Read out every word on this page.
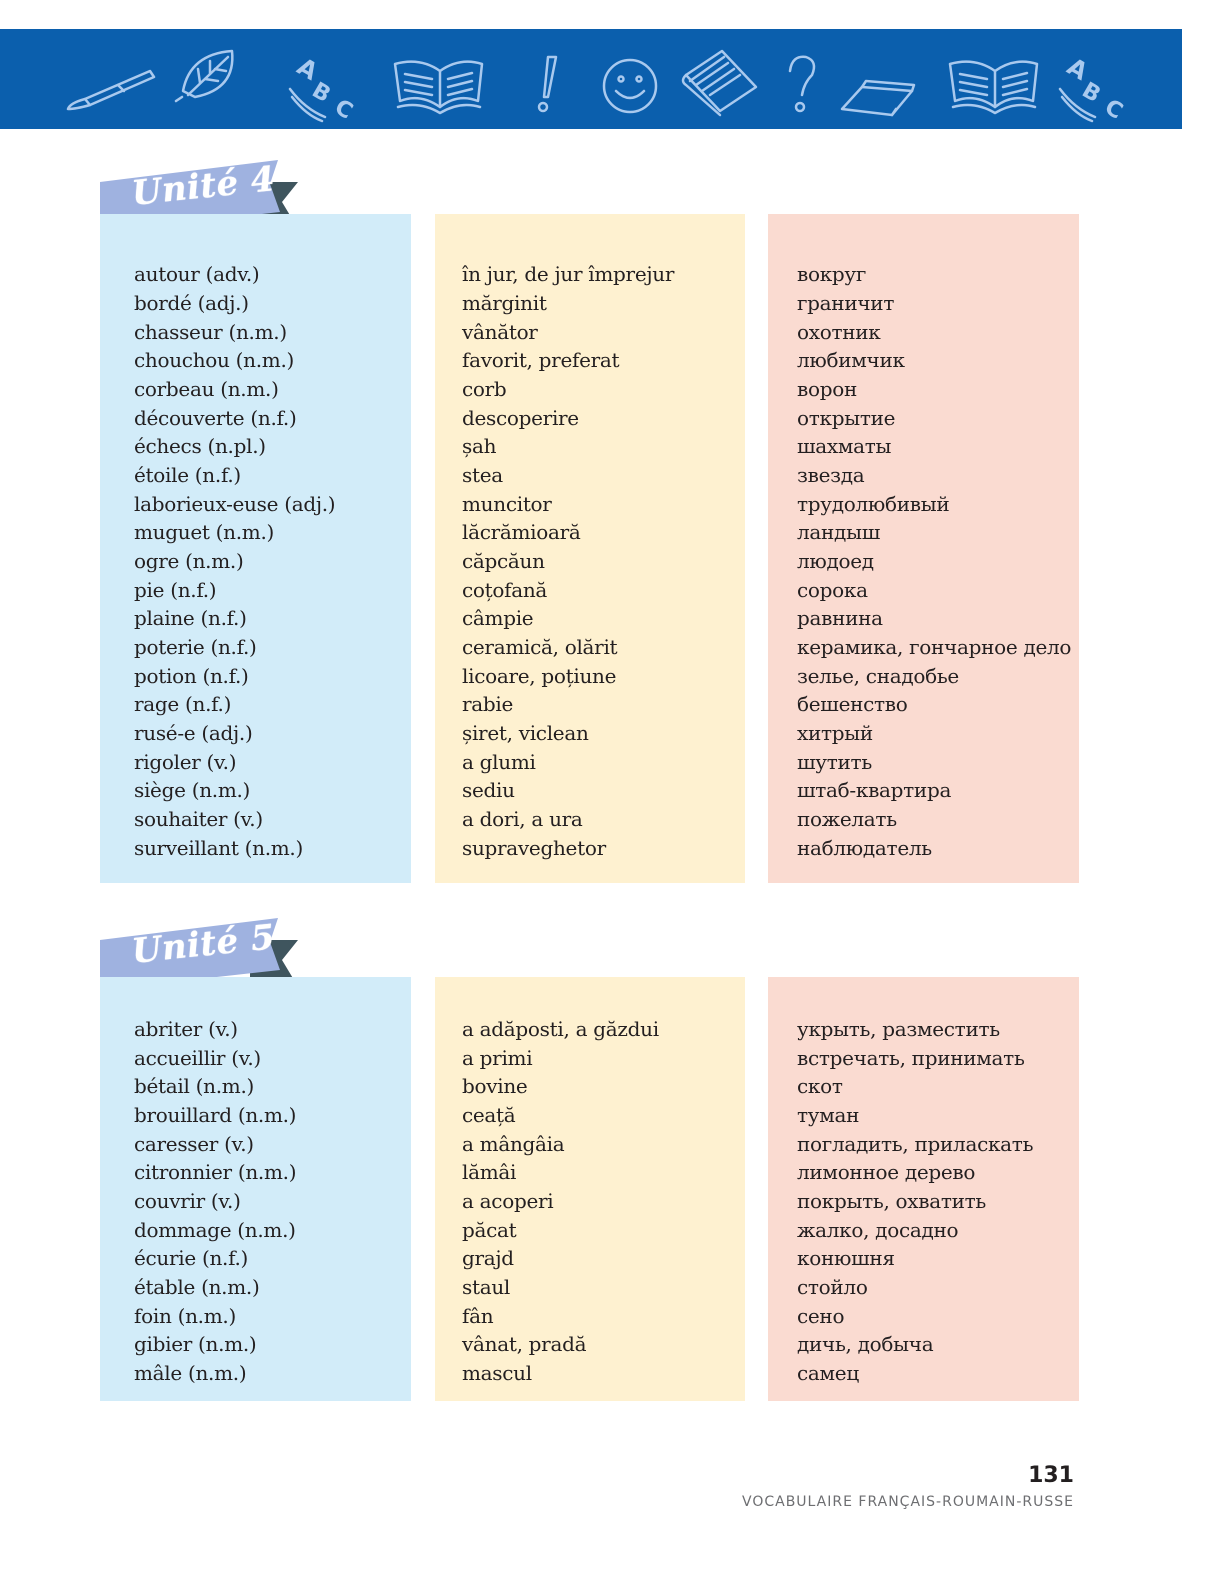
A
B
C
A
B
C
Unité 4
autour (adv.)
bordé (adj.)
chasseur (n.m.)
chouchou (n.m.)
corbeau (n.m.)
découverte (n.f.)
échecs (n.pl.)
étoile (n.f.)
laborieux-euse (adj.)
muguet (n.m.)
ogre (n.m.)
pie (n.f.)
plaine (n.f.)
poterie (n.f.)
potion (n.f.)
rage (n.f.)
rusé-e (adj.)
rigoler (v.)
siège (n.m.)
souhaiter (v.)
surveillant (n.m.)
în jur, de jur împrejur
mărginit
vânător
favorit, preferat
corb
descoperire
șah
stea
muncitor
lăcrămioară
căpcăun
coțofană
câmpie
ceramică, olărit
licoare, poțiune
rabie
șiret, viclean
a glumi
sediu
a dori, a ura
supraveghetor
вокруг
граничит
охотник
любимчик
ворон
открытие
шахматы
звезда
трудолюбивый
ландыш
людоед
сорока
равнина
керамика, гончарное дело
зелье, снадобье
бешенство
хитрый
шутить
штаб-квартира
пожелать
наблюдатель
Unité 5
abriter (v.)
accueillir (v.)
bétail (n.m.)
brouillard (n.m.)
caresser (v.)
citronnier (n.m.)
couvrir (v.)
dommage (n.m.)
écurie (n.f.)
étable (n.m.)
foin (n.m.)
gibier (n.m.)
mâle (n.m.)
a adăposti, a găzdui
a primi
bovine
ceață
a mângâia
lămâi
a acoperi
păcat
grajd
staul
fân
vânat, pradă
mascul
укрыть, разместить
встречать, принимать
скот
туман
погладить, приласкать
лимонное дерево
покрыть, охватить
жалко, досадно
конюшня
стойло
сено
дичь, добыча
самец
131
VOCABULAIRE FRANÇAIS-ROUMAIN-RUSSE
